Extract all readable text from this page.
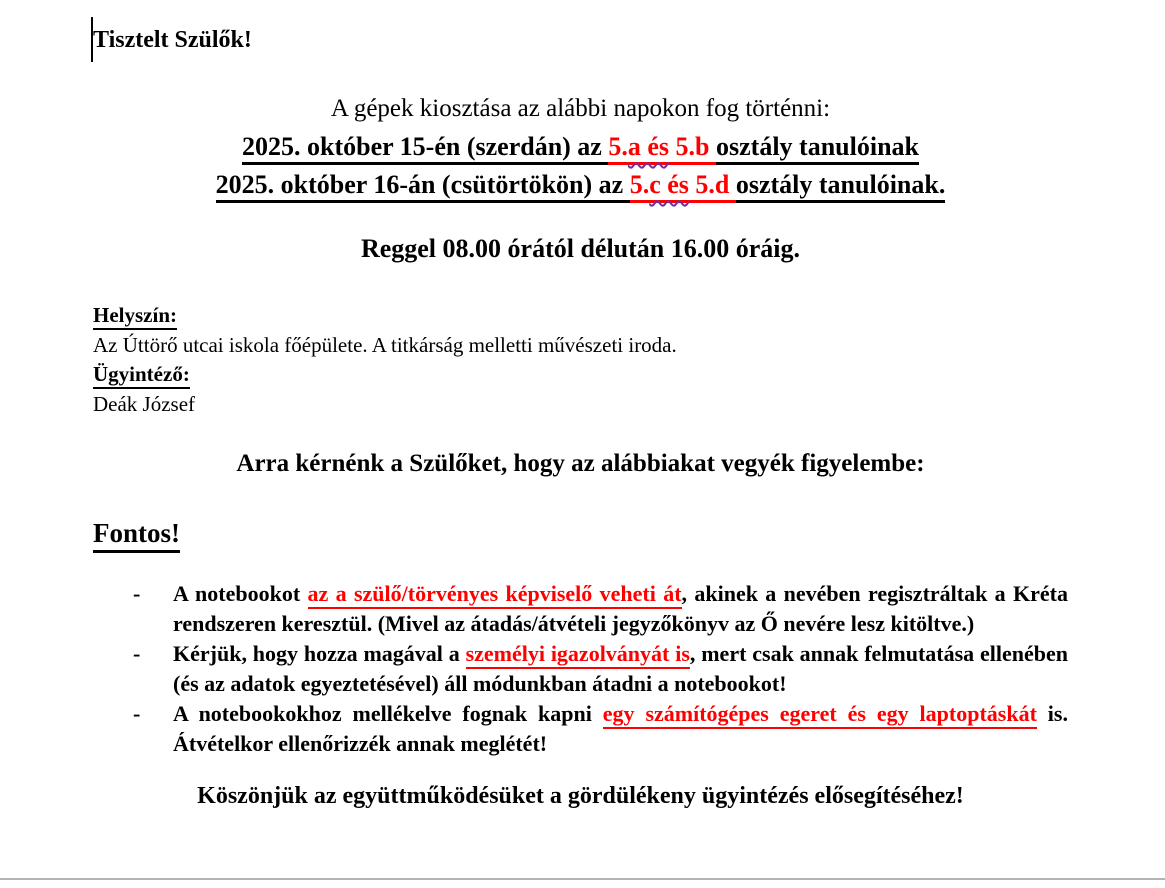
Tisztelt Szülők!
A gépek kiosztása az alábbi napokon fog történni:
2025. október 15-én (szerdán) az 5.a és 5.b osztály tanulóinak
2025. október 16-án (csütörtökön) az 5.c és 5.d osztály tanulóinak.
Reggel 08.00 órától délután 16.00 óráig.
Helyszín:
Az Úttörő utcai iskola főépülete. A titkárság melletti művészeti iroda.
Ügyintéző:
Deák József
Arra kérnénk a Szülőket, hogy az alábbiakat vegyék figyelembe:
Fontos!
-	A notebookot az a szülő/törvényes képviselő veheti át, akinek a nevében regisztráltak a Kréta rendszeren keresztül. (Mivel az átadás/átvételi jegyzőkönyv az Ő nevére lesz kitöltve.)
-	Kérjük, hogy hozza magával a személyi igazolványát is, mert csak annak felmutatása ellenében (és az adatok egyeztetésével) áll módunkban átadni a notebookot!
-	A notebookokhoz mellékelve fognak kapni egy számítógépes egeret és egy laptoptáskát is. Átvételkor ellenőrizzék annak meglétét!
Köszönjük az együttműködésüket a gördülékeny ügyintézés elősegítéséhez!
